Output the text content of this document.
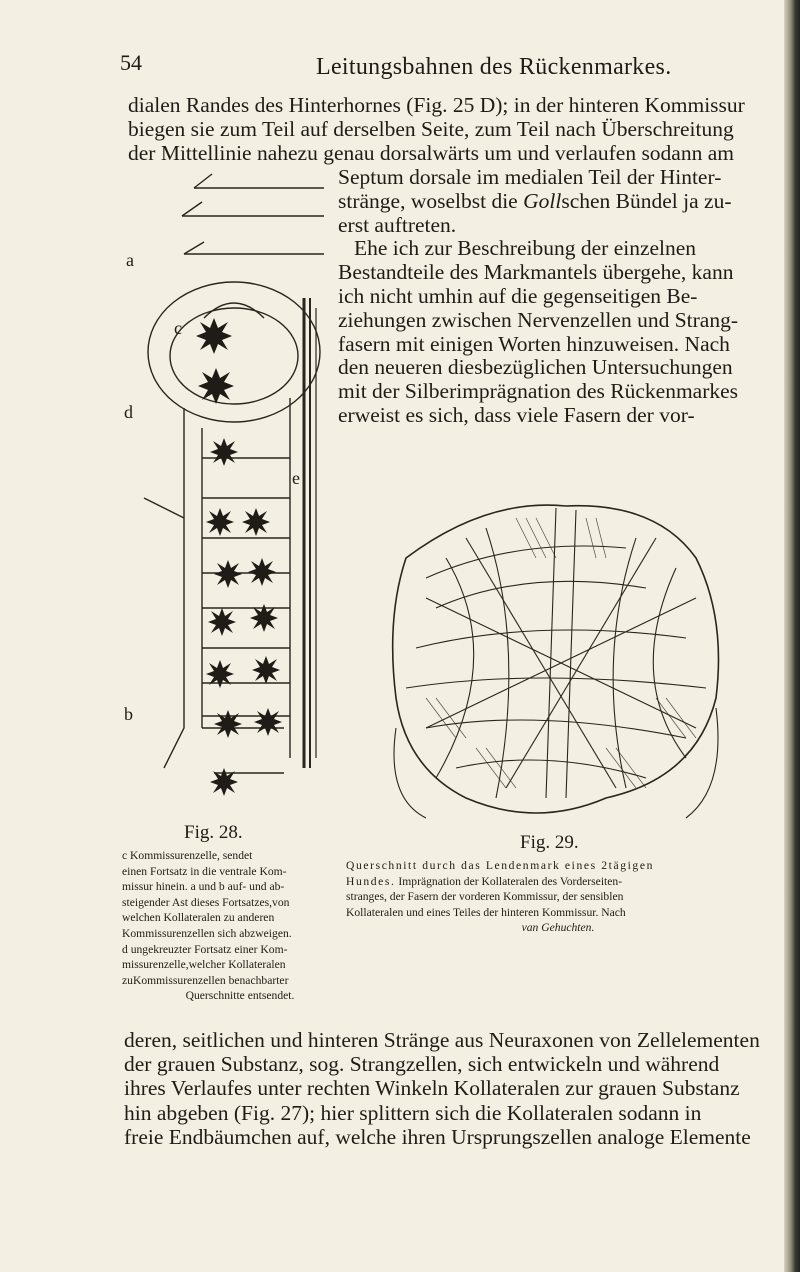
54	Leitungsbahnen des Rückenmarkes.
dialen Randes des Hinterhornes (Fig. 25 D); in der hinteren Kommissur
biegen sie zum Teil auf derselben Seite, zum Teil nach Überschreitung
der Mittellinie nahezu genau dorsalwärts um und verlaufen sodann am
Septum dorsale im medialen Teil der Hinter-
stränge, woselbst die Gollschen Bündel ja zu-
erst auftreten.
Ehe ich zur Beschreibung der einzelnen
Bestandteile des Markmantels übergehe, kann
ich nicht umhin auf die gegenseitigen Be-
ziehungen zwischen Nervenzellen und Strang-
fasern mit einigen Worten hinzuweisen. Nach
den neueren diesbezüglichen Untersuchungen
mit der Silberimprägnation des Rückenmarkes
erweist es sich, dass viele Fasern der vor-
a
c
d
e
b
Fig. 28.
c Kommissurenzelle, sendet
einen Fortsatz in die ventrale Kom-
missur hinein. a und b auf- und ab-
steigender Ast dieses Fortsatzes,von
welchen Kollateralen zu anderen
Kommissurenzellen sich abzweigen.
d ungekreuzter Fortsatz einer Kom-
missurenzelle,welcher Kollateralen
zuKommissurenzellen benachbarter
Querschnitte entsendet.
Fig. 29.
Querschnitt durch das Lendenmark eines 2tägigen
Hundes. Imprägnation der Kollateralen des Vorderseiten-
stranges, der Fasern der vorderen Kommissur, der sensiblen
Kollateralen und eines Teiles der hinteren Kommissur. Nach
van Gehuchten.
deren, seitlichen und hinteren Stränge aus Neuraxonen von Zellelementen
der grauen Substanz, sog. Strangzellen, sich entwickeln und während
ihres Verlaufes unter rechten Winkeln Kollateralen zur grauen Substanz
hin abgeben (Fig. 27); hier splittern sich die Kollateralen sodann in
freie Endbäumchen auf, welche ihren Ursprungszellen analoge Elemente
